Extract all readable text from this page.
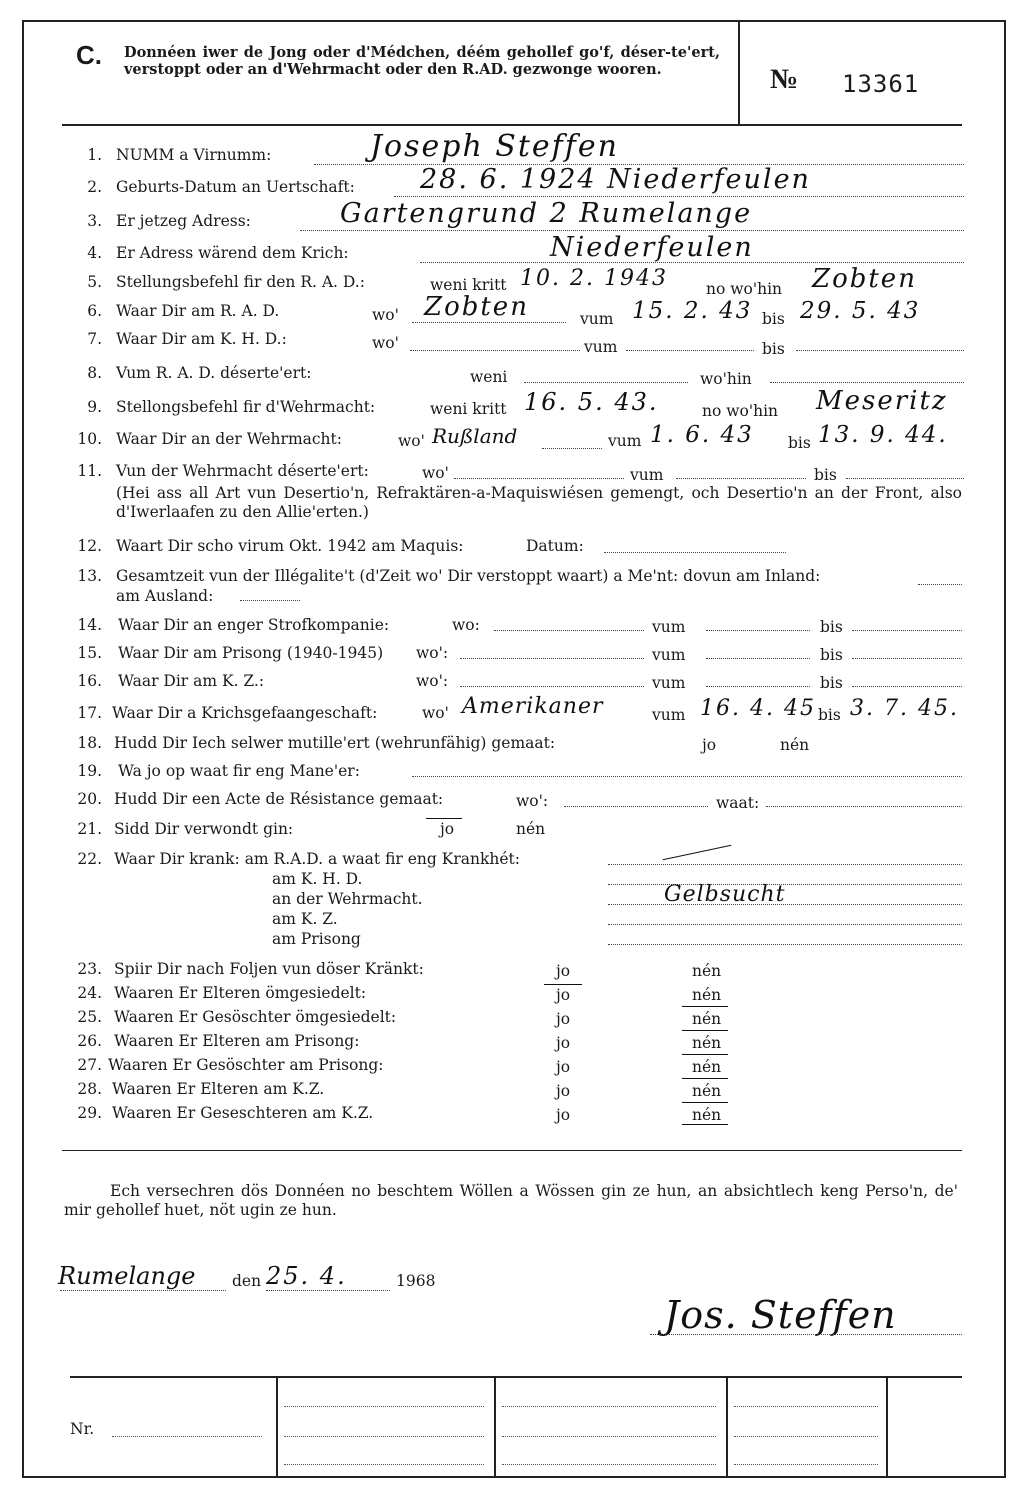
C. Donnéen iwer de Jong oder d'Médchen, déém gehollef go'f, déser-te'ert, verstoppt oder an d'Wehrmacht oder den R.AD. gezwonge wooren.	№ 13361
1. NUMM a Virnumm:	Joseph Steffen
2. Geburts-Datum an Uertschaft: 28. 6. 1924 Niederfeulen
3. Er jetzeg Adress:	Gartengrund 2 Rumelange
4. Er Adress wärend dem Krich:	Niederfeulen
5. Stellungsbefehl fir den R. A. D.:	weni kritt 10. 2. 1943 no wo'hin Zobten
6. Waar Dir am R. A. D.	wo' Zobten	vum 15. 2. 43 bis 29. 5. 43
7. Waar Dir am K. H. D.:	wo'	vum	bis
8. Vum R. A. D. déserte'ert:	weni	wo'hin
9. Stellongsbefehl fir d'Wehrmacht:	weni kritt 16. 5. 43.	no wo'hin Meseritz
10. Waar Dir an der Wehrmacht:	wo' Rußland	vum 1. 6. 43 bis 13. 9. 44.
11. Vun der Wehrmacht déserte'ert:	wo'	vum	bis
(Hei ass all Art vun Desertio'n, Refraktären-a-Maquiswiésen gemengt, och Desertio'n an der Front, also d'Iwerlaafen zu den Allie'erten.)
12. Waart Dir scho virum Okt. 1942 am Maquis:	Datum:
13. Gesamtzeit vun der Illégalite't (d'Zeit wo' Dir verstoppt waart) a Me'nt: dovun am Inland:
am Ausland:
14. Waar Dir an enger Strofkompanie:	wo:	vum	bis
15. Waar Dir am Prisong (1940-1945) wo':	vum	bis
16. Waar Dir am K. Z.:	wo':	vum	bis
17. Waar Dir a Krichsgefaangeschaft:	wo' Amerikaner	vum 16. 4. 45 bis 3. 7. 45.
18. Hudd Dir Iech selwer mutille'ert (wehrunfähig) gemaat:	jo	nén
19. Wa jo op waat fir eng Mane'er:
20. Hudd Dir een Acte de Résistance gemaat:	wo':	waat:
21. Sidd Dir verwondt gin:	jo	nén
22. Waar Dir krank: am R.A.D. a waat fir eng Krankhét:
am K. H. D.
an der Wehrmacht.	Gelbsucht
am K. Z.
am Prisong
23. Spiir Dir nach Foljen vun döser Kränkt:	jo	nén
24. Waaren Er Elteren ömgesiedelt:	jo	nén
25. Waaren Er Gesöschter ömgesiedelt:	jo	nén
26. Waaren Er Elteren am Prisong:	jo	nén
27. Waaren Er Gesöschter am Prisong:	jo	nén
28. Waaren Er Elteren am K.Z.	jo	nén
29. Waaren Er Geseschteren am K.Z.	jo	nén
Ech versechren dös Donnéen no beschtem Wöllen a Wössen gin ze hun, an absichtlech keng Perso'n, de' mir gehollef huet, nöt ugin ze hun.
Rumelange den 25. 4.	1968
Jos. Steffen
Nr.
